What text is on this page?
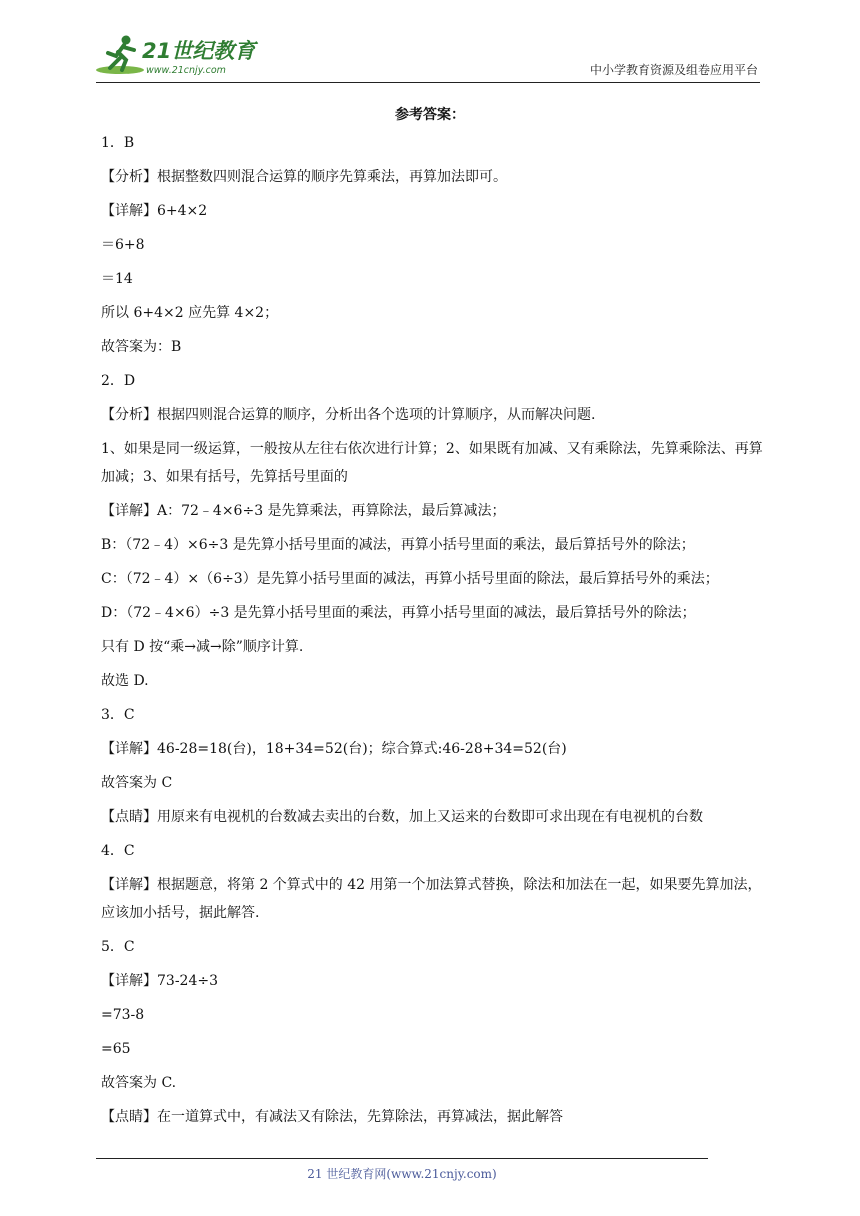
21世纪教育
www.21cnjy.com	中小学教育资源及组卷应用平台
参考答案：
1．B
【分析】根据整数四则混合运算的顺序先算乘法，再算加法即可。
【详解】6+4×2
＝6+8
＝14
所以 6+4×2 应先算 4×2；
故答案为：B
2．D
【分析】根据四则混合运算的顺序，分析出各个选项的计算顺序，从而解决问题.
1、如果是同一级运算，一般按从左往右依次进行计算；2、如果既有加减、又有乘除法，先算乘除法、再算加减；3、如果有括号，先算括号里面的
【详解】A：72﹣4×6÷3 是先算乘法，再算除法，最后算减法；
B：（72﹣4）×6÷3 是先算小括号里面的减法，再算小括号里面的乘法，最后算括号外的除法；
C：（72﹣4）×（6÷3）是先算小括号里面的减法，再算小括号里面的除法，最后算括号外的乘法；
D：（72﹣4×6）÷3 是先算小括号里面的乘法，再算小括号里面的减法，最后算括号外的除法；
只有 D 按“乘→减→除”顺序计算.
故选 D.
3．C
【详解】46-28=18(台)，18+34=52(台)；综合算式:46-28+34=52(台)
故答案为 C
【点睛】用原来有电视机的台数减去卖出的台数，加上又运来的台数即可求出现在有电视机的台数
4．C
【详解】根据题意，将第 2 个算式中的 42 用第一个加法算式替换，除法和加法在一起，如果要先算加法，应该加小括号，据此解答.
5．C
【详解】73-24÷3
=73-8
=65
故答案为 C.
【点睛】在一道算式中，有减法又有除法，先算除法，再算减法，据此解答
21 世纪教育网(www.21cnjy.com)
